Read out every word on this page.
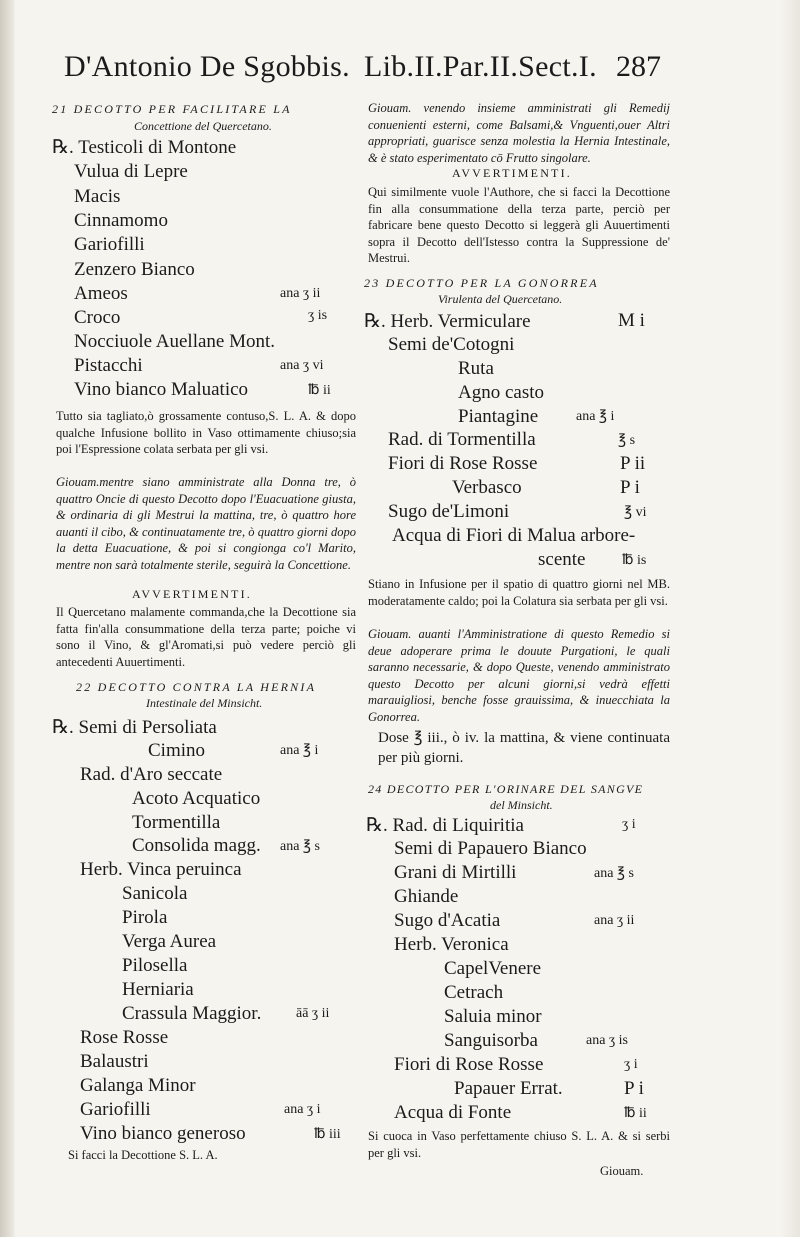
D'Antonio De Sgobbis. Lib.II.Par.II.Sect.I. 287
21 DECOTTO PER FACILITARE LA
Concettione del Quercetano.
℞. Testicoli di Montone
Vulua di Lepre
Macis
Cinnamomo
Gariofilli
Zenzero Bianco
Ameos	ana ʒ ii
Croco	ʒ is
Nocciuole Auellane Mont.
Pistacchi	ana ʒ vi
Vino bianco Maluatico	℔ ii
Tutto sia tagliato,ò grossamente contuso,S. L. A. & dopo qualche Infusione bollito in Vaso ottimamente chiuso;sia poi l'Espressione colata serbata per gli vsi.
Giouam.mentre siano amministrate alla Donna tre, ò quattro Oncie di questo Decotto dopo l'Euacuatione giusta, & ordinaria di gli Mestrui la mattina, tre, ò quattro hore auanti il cibo, & continuatamente tre, ò quattro giorni dopo la detta Euacuatione, & poi si congionga co'l Marito, mentre non sarà totalmente sterile, seguirà la Concettione.
AVVERTIMENTI.
Il Quercetano malamente commanda,che la Decottione sia fatta fin'alla consummatione della terza parte; poiche vi sono il Vino, & gl'Aromati,si può vedere perciò gli antecedenti Auuertimenti.
22 DECOTTO CONTRA LA HERNIA
Intestinale del Minsicht.
℞. Semi di Persoliata
Cimino	ana ℥ i
Rad. d'Aro seccate
Acoto Acquatico
Tormentilla
Consolida magg. ana ℥ s
Herb. Vinca peruinca
Sanicola
Pirola
Verga Aurea
Pilosella
Herniaria
Crassula Maggior. āā ʒ ii
Rose Rosse
Balaustri
Galanga Minor
Gariofilli	ana ʒ i
Vino bianco generoso	℔ iii
Si facci la Decottione S. L. A.
Giouam. venendo insieme amministrati gli Remedij conuenienti esterni, come Balsami,& Vnguenti,ouer Altri appropriati, guarisce senza molestia la Hernia Intestinale, & è stato esperimentato cō Frutto singolare.
AVVERTIMENTI.
Qui similmente vuole l'Authore, che si facci la Decottione fin alla consummatione della terza parte, perciò per fabricare bene questo Decotto si leggerà gli Auuertimenti sopra il Decotto dell'Istesso contra la Suppressione de' Mestrui.
23 DECOTTO PER LA GONORREA
Virulenta del Quercetano.
℞. Herb. Vermiculare	M i
Semi de'Cotogni
Ruta
Agno casto
Piantagine	ana ℥ i
Rad. di Tormentilla	℥ s
Fiori di Rose Rosse	P ii
Verbasco	P i
Sugo de'Limoni	℥ vi
Acqua di Fiori di Malua arbore-
scente	℔ is
Stiano in Infusione per il spatio di quattro giorni nel MB. moderatamente caldo; poi la Colatura sia serbata per gli vsi.
Giouam. auanti l'Amministratione di questo Remedio si deue adoperare prima le douute Purgationi, le quali saranno necessarie, & dopo Queste, venendo amministrato questo Decotto per alcuni giorni,si vedrà effetti marauigliosi, benche fosse grauissima, & inuecchiata la Gonorrea.
Dose ℥ iii., ò iv. la mattina, & viene continuata per più giorni.
24 DECOTTO PER L'ORINARE DEL SANGVE
del Minsicht.
℞. Rad. di Liquiritia	ʒ i
Semi di Papauero Bianco
Grani di Mirtilli	ana ℥ s
Ghiande
Sugo d'Acatia	ana ʒ ii
Herb. Veronica
CapelVenere
Cetrach
Saluia minor
Sanguisorba	ana ʒ is
Fiori di Rose Rosse	ʒ i
Papauer Errat.	P i
Acqua di Fonte	℔ ii
Si cuoca in Vaso perfettamente chiuso S. L. A. & si serbi per gli vsi.
Giouam.
